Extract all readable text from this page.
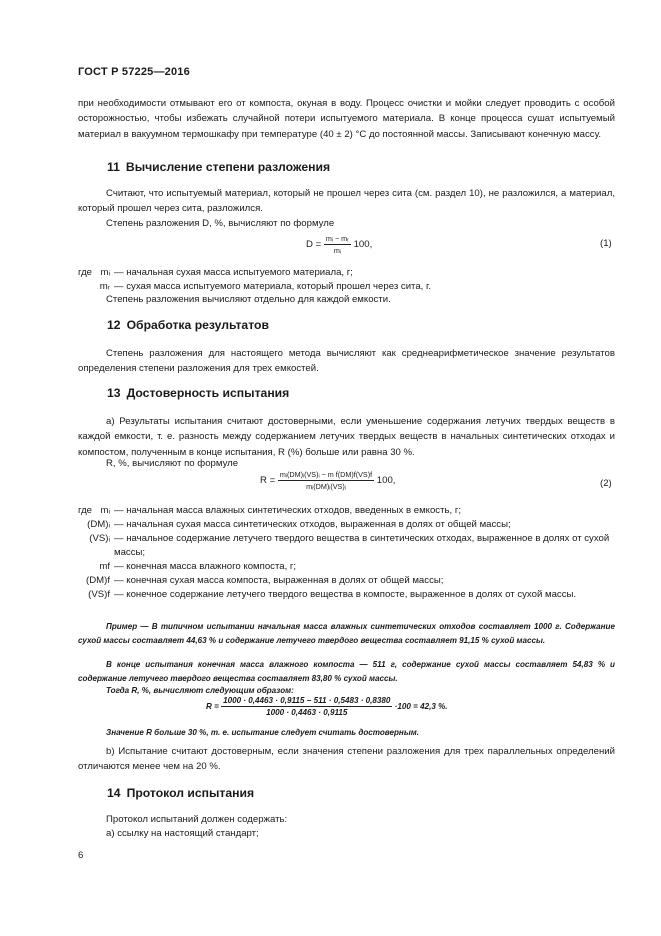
ГОСТ Р 57225—2016

при необходимости отмывают его от компоста, окуная в воду. Процесс очистки и мойки следует проводить с особой осторожностью, чтобы избежать случайной потери испытуемого материала. В конце процесса сушат испытуемый материал в вакуумном термошкафу при температуре (40 ± 2) °С до постоянной массы. Записывают конечную массу.

11 Вычисление степени разложения

Считают, что испытуемый материал, который не прошел через сита (см. раздел 10), не разложился, а материал, который прошел через сита, разложился.

Степень разложения D, %, вычисляют по формуле

$D = \frac{\text{mᵢ − mᵣ}}{\text{mᵢ}} 100$,	(1)
где mᵢ — начальная сухая масса испытуемого материала, г;
mᵣ — сухая масса испытуемого материала, который прошел через сита, г.

Степень разложения вычисляют отдельно для каждой емкости.

12 Обработка результатов

Степень разложения для настоящего метода вычисляют как среднеарифметическое значение результатов определения степени разложения для трех емкостей.

13 Достоверность испытания

а) Результаты испытания считают достоверными, если уменьшение содержания летучих твердых веществ в каждой емкости, т. е. разность между содержанием летучих твердых веществ в начальных синтетических отходах и компостом, полученным в конце испытания, R (%) больше или равна 30 %.

R, %, вычисляют по формуле

$R = \frac{\text{mᵢ(DM)ᵢ(VS)ᵢ − m f(DM)f(VS)f}}{\text{mᵢ(DM)ᵢ(VS)ᵢ}} 100$,	(2)
где mᵢ — начальная масса влажных синтетических отходов, введенных в емкость, г;
(DM)ᵢ — начальная сухая масса синтетических отходов, выраженная в долях от общей массы;
(VS)ᵢ — начальное содержание летучего твердого вещества в синтетических отходах, выраженное в долях от сухой массы;
mf — конечная масса влажного компоста, г;
(DM)f — конечная сухая масса компоста, выраженная в долях от общей массы;
(VS)f — конечное содержание летучего твердого вещества в компосте, выраженное в долях от сухой массы.

Пример — В типичном испытании начальная масса влажных синтетических отходов составляет 1000 г. Содержание сухой массы составляет 44,63 % и содержание летучего твердого вещества составляет 91,15 % сухой массы.

В конце испытания конечная масса влажного компоста — 511 г, содержание сухой массы составляет 54,83 % и содержание летучего твердого вещества составляет 83,80 % сухой массы.

Тогда R, %, вычисляют следующим образом:

$R = \frac{1000 \cdot 0,4463 \cdot 0,9115 - 511 \cdot 0,5483 \cdot 0,8380}{1000 \cdot 0,4463 \cdot 0,9115} \cdot 100 = 42,3$ %.

Значение R больше 30 %, т. е. испытание следует считать достоверным.

b) Испытание считают достоверным, если значения степени разложения для трех параллельных определений отличаются менее чем на 20 %.

14 Протокол испытания

Протокол испытаний должен содержать:

а) ссылку на настоящий стандарт;

6
